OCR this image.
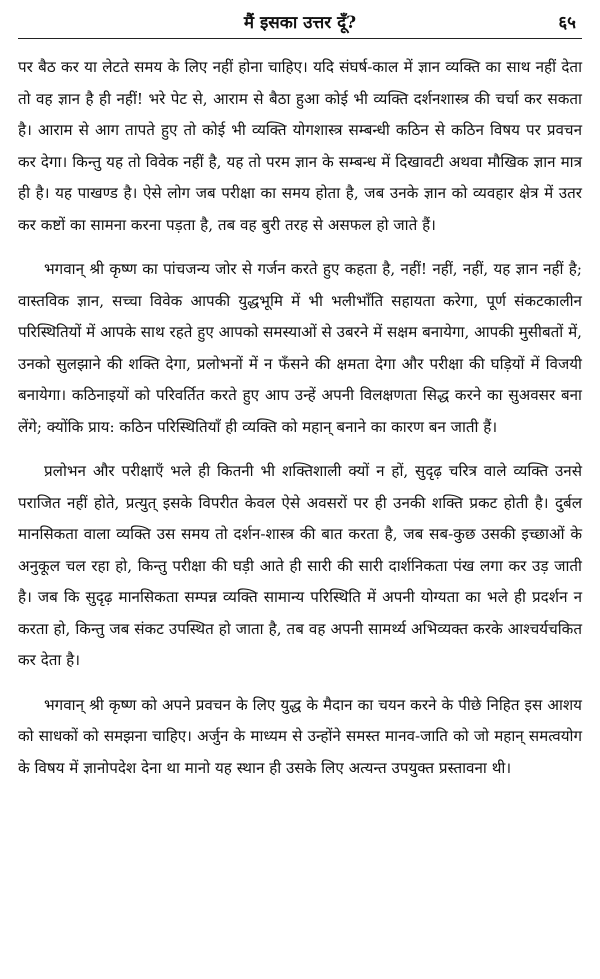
मैं इसका उत्तर दूँ?	६५

पर बैठ कर या लेटते समय के लिए नहीं होना चाहिए। यदि संघर्ष-काल में ज्ञान व्यक्ति का साथ नहीं देता तो वह ज्ञान है ही नहीं! भरे पेट से, आराम से बैठा हुआ कोई भी व्यक्ति दर्शनशास्त्र की चर्चा कर सकता है। आराम से आग तापते हुए तो कोई भी व्यक्ति योगशास्त्र सम्बन्धी कठिन से कठिन विषय पर प्रवचन कर देगा। किन्तु यह तो विवेक नहीं है, यह तो परम ज्ञान के सम्बन्ध में दिखावटी अथवा मौखिक ज्ञान मात्र ही है। यह पाखण्ड है। ऐसे लोग जब परीक्षा का समय होता है, जब उनके ज्ञान को व्यवहार क्षेत्र में उतर कर कष्टों का सामना करना पड़ता है, तब वह बुरी तरह से असफल हो जाते हैं।

भगवान् श्री कृष्ण का पांचजन्य जोर से गर्जन करते हुए कहता है, नहीं! नहीं, नहीं, यह ज्ञान नहीं है; वास्तविक ज्ञान, सच्चा विवेक आपकी युद्धभूमि में भी भलीभाँति सहायता करेगा, पूर्ण संकटकालीन परिस्थितियों में आपके साथ रहते हुए आपको समस्याओं से उबरने में सक्षम बनायेगा, आपकी मुसीबतों में, उनको सुलझाने की शक्ति देगा, प्रलोभनों में न फँसने की क्षमता देगा और परीक्षा की घड़ियों में विजयी बनायेगा। कठिनाइयों को परिवर्तित करते हुए आप उन्हें अपनी विलक्षणता सिद्ध करने का सुअवसर बना लेंगे; क्योंकि प्राय: कठिन परिस्थितियाँ ही व्यक्ति को महान् बनाने का कारण बन जाती हैं।

प्रलोभन और परीक्षाएँ भले ही कितनी भी शक्तिशाली क्यों न हों, सुदृढ़ चरित्र वाले व्यक्ति उनसे पराजित नहीं होते, प्रत्युत् इसके विपरीत केवल ऐसे अवसरों पर ही उनकी शक्ति प्रकट होती है। दुर्बल मानसिकता वाला व्यक्ति उस समय तो दर्शन-शास्त्र की बात करता है, जब सब-कुछ उसकी इच्छाओं के अनुकूल चल रहा हो, किन्तु परीक्षा की घड़ी आते ही सारी की सारी दार्शनिकता पंख लगा कर उड़ जाती है। जब कि सुदृढ़ मानसिकता सम्पन्न व्यक्ति सामान्य परिस्थिति में अपनी योग्यता का भले ही प्रदर्शन न करता हो, किन्तु जब संकट उपस्थित हो जाता है, तब वह अपनी सामर्थ्य अभिव्यक्त करके आश्चर्यचकित कर देता है।

भगवान् श्री कृष्ण को अपने प्रवचन के लिए युद्ध के मैदान का चयन करने के पीछे निहित इस आशय को साधकों को समझना चाहिए। अर्जुन के माध्यम से उन्होंने समस्त मानव-जाति को जो महान् समत्वयोग के विषय में ज्ञानोपदेश देना था मानो यह स्थान ही उसके लिए अत्यन्त उपयुक्त प्रस्तावना थी।
